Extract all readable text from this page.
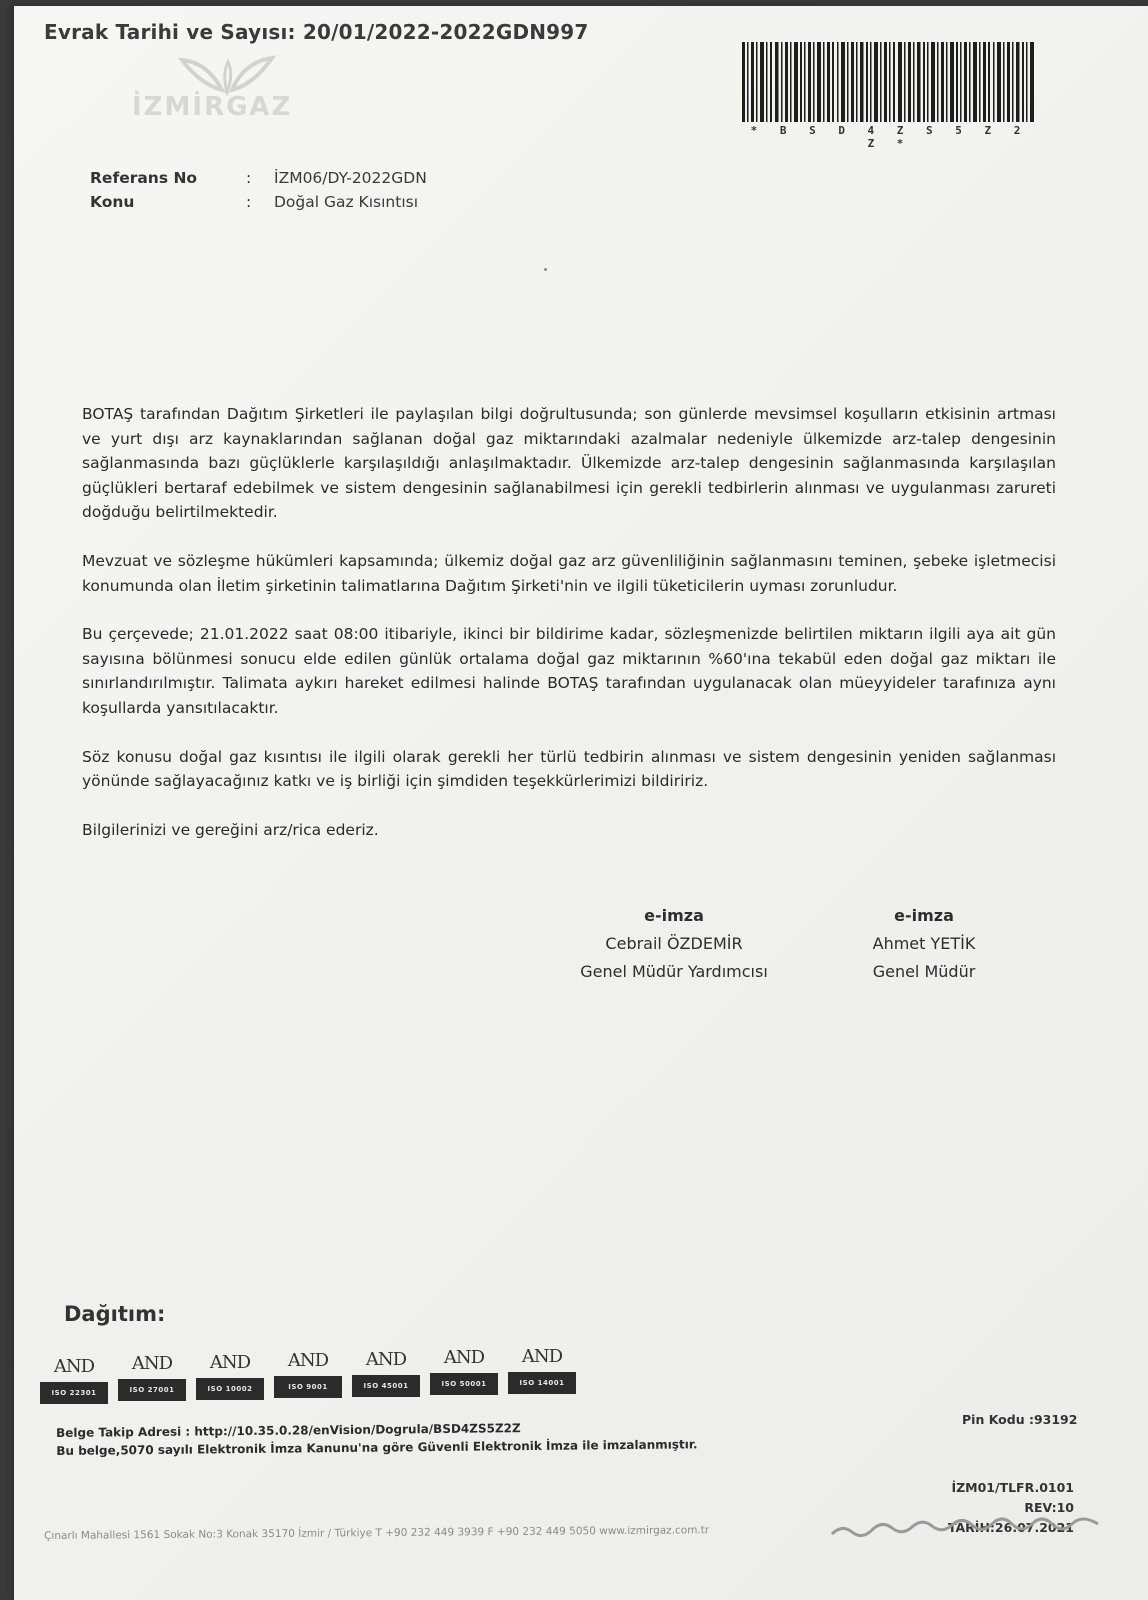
Evrak Tarihi ve Sayısı: 20/01/2022-2022GDN997
İZMİRGAZ
* B S D 4 Z S 5 Z 2 Z *
Referans No	:	İZM06/DY-2022GDN
Konu	:	Doğal Gaz Kısıntısı

BOTAŞ tarafından Dağıtım Şirketleri ile paylaşılan bilgi doğrultusunda; son günlerde mevsimsel koşulların etkisinin artması ve yurt dışı arz kaynaklarından sağlanan doğal gaz miktarındaki azalmalar nedeniyle ülkemizde arz-talep dengesinin sağlanmasında bazı güçlüklerle karşılaşıldığı anlaşılmaktadır. Ülkemizde arz-talep dengesinin sağlanmasında karşılaşılan güçlükleri bertaraf edebilmek ve sistem dengesinin sağlanabilmesi için gerekli tedbirlerin alınması ve uygulanması zarureti doğduğu belirtilmektedir.

Mevzuat ve sözleşme hükümleri kapsamında; ülkemiz doğal gaz arz güvenliliğinin sağlanmasını teminen, şebeke işletmecisi konumunda olan İletim şirketinin talimatlarına Dağıtım Şirketi'nin ve ilgili tüketicilerin uyması zorunludur.

Bu çerçevede; 21.01.2022 saat 08:00 itibariyle, ikinci bir bildirime kadar, sözleşmenizde belirtilen miktarın ilgili aya ait gün sayısına bölünmesi sonucu elde edilen günlük ortalama doğal gaz miktarının %60'ına tekabül eden doğal gaz miktarı ile sınırlandırılmıştır. Talimata aykırı hareket edilmesi halinde BOTAŞ tarafından uygulanacak olan müeyyideler tarafınıza aynı koşullarda yansıtılacaktır.

Söz konusu doğal gaz kısıntısı ile ilgili olarak gerekli her türlü tedbirin alınması ve sistem dengesinin yeniden sağlanması yönünde sağlayacağınız katkı ve iş birliği için şimdiden teşekkürlerimizi bildiririz.

Bilgilerinizi ve gereğini arz/rica ederiz.

e-imza
Cebrail ÖZDEMİR
Genel Müdür Yardımcısı
e-imza
Ahmet YETİK
Genel Müdür
Dağıtım:
AND
ISO 22301
AND
ISO 27001
AND
ISO 10002
AND
ISO 9001
AND
ISO 45001
AND
ISO 50001
AND
ISO 14001
Belge Takip Adresi : http://10.35.0.28/enVision/Dogrula/BSD4ZS5Z2Z
Bu belge,5070 sayılı Elektronik İmza Kanunu'na göre Güvenli Elektronik İmza ile imzalanmıştır.
Pin Kodu :93192
İZM01/TLFR.0101
REV:10 TARİH:26.07.2021
Çınarlı Mahallesi 1561 Sokak No:3 Konak 35170 İzmir / Türkiye T +90 232 449 3939 F +90 232 449 5050 www.izmirgaz.com.tr
